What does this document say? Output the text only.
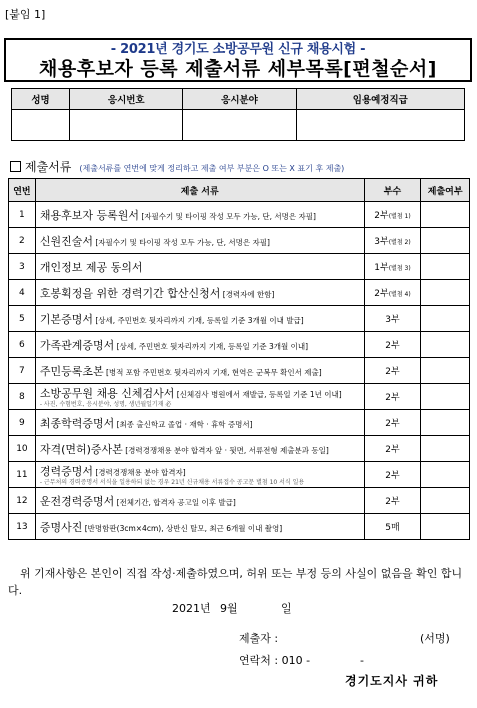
[붙임 1]
- 2021년 경기도 소방공무원 신규 채용시험 -
채용후보자 등록 제출서류 세부목록[편철순서]
성명	응시번호	응시분야	임용예정직급

제출서류 (제출서류를 연번에 맞게 정리하고 제출 여부 부분은 O 또는 X 표기 후 제출)
연번	제출 서류	부수	제출여부
1	채용후보자 등록원서 [자필수기 및 타이핑 작성 모두 가능, 단, 서명은 자필]	2부(별첨 1)	
2	신원진술서 [자필수기 및 타이핑 작성 모두 가능, 단, 서명은 자필]	3부(별첨 2)	
3	개인정보 제공 동의서	1부(별첨 3)	
4	호봉획정을 위한 경력기간 합산신청서 [경력자에 한함]	2부(별첨 4)	
5	기본증명서 [상세, 주민번호 뒷자리까지 기재, 등록일 기준 3개월 이내 발급]	3부	
6	가족관계증명서 [상세, 주민번호 뒷자리까지 기재, 등록일 기준 3개월 이내]	2부	
7	주민등록초본 [병적 포함 주민번호 뒷자리까지 기재, 현역은 군복무 확인서 제출]	2부	
8	소방공무원 채용 신체검사서 [신체검사 병원에서 재발급, 등록일 기준 1년 이내]
- 사진, 수험번호, 응시분야, 성명, 생년월일기재 必	2부	
9	최종학력증명서 [최종 출신학교 졸업 · 재학 · 휴학 증명서]	2부	
10	자격(면허)증사본 [경력경쟁채용 분야 합격자 앞 · 뒷면, 서류전형 제출분과 동일]	2부	
11	경력증명서 [경력경쟁채용 분야 합격자]
- 근무처의 경력증명서 서식을 일용하되 없는 경우 21년 신규채용 서류접수 공고문 별첨 10 서식 일용	2부	
12	운전경력증명서 [전체기간, 합격자 공고일 이후 발급]	2부	
13	증명사진 [반명함판(3cm×4cm), 상반신 탈모, 최근 6개월 이내 촬영]	5매	
위 기재사항은 본인이 직접 작성·제출하였으며, 허위 또는 부정 등의 사실이 없음을 확인 합니다.
2021년 9월	일
제출자 :	(서명)
연락처 : 010 -	-
경기도지사 귀하
